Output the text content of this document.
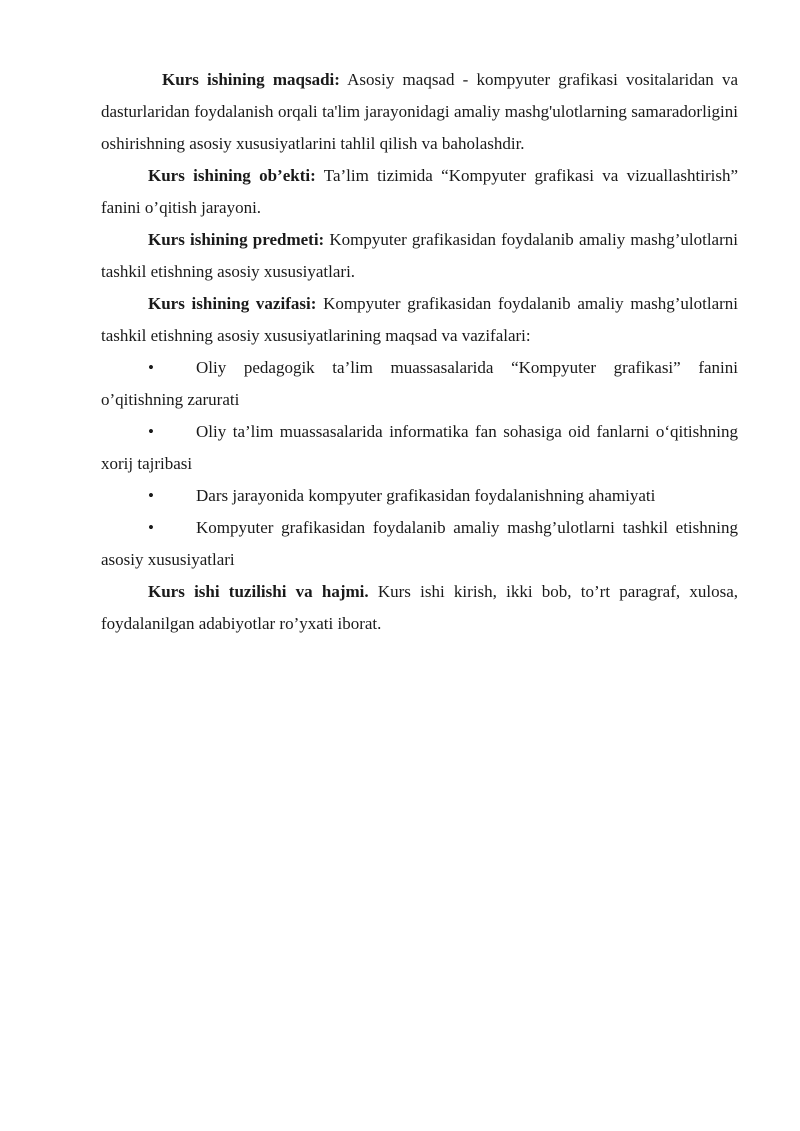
Kurs ishining maqsadi: Asosiy maqsad - kompyuter grafikasi vositalaridan va dasturlaridan foydalanish orqali ta'lim jarayonidagi amaliy mashg'ulotlarning samaradorligini oshirishning asosiy xususiyatlarini tahlil qilish va baholashdir.

Kurs ishining ob’ekti: Ta’lim tizimida “Kompyuter grafikasi va vizuallashtirish” fanini o’qitish jarayoni.

Kurs ishining predmeti: Kompyuter grafikasidan foydalanib amaliy mashg’ulotlarni tashkil etishning asosiy xususiyatlari.

Kurs ishining vazifasi: Kompyuter grafikasidan foydalanib amaliy mashg’ulotlarni tashkil etishning asosiy xususiyatlarining maqsad va vazifalari:

• Oliy pedagogik ta’lim muassasalarida “Kompyuter grafikasi” fanini o’qitishning zarurati

• Oliy ta’lim muassasalarida informatika fan sohasiga oid fanlarni o‘qitishning xorij tajribasi

• Dars jarayonida kompyuter grafikasidan foydalanishning ahamiyati

• Kompyuter grafikasidan foydalanib amaliy mashg’ulotlarni tashkil etishning asosiy xususiyatlari

Kurs ishi tuzilishi va hajmi. Kurs ishi kirish, ikki bob, to’rt paragraf, xulosa, foydalanilgan adabiyotlar ro’yxati iborat.
